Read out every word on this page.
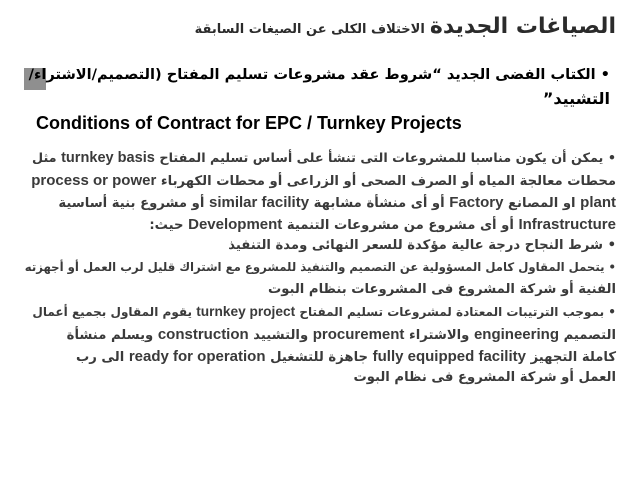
الصياغات الجديدة الاختلاف الكلى عن الصيغات السابقة
• الكتاب الفضى الجديد “شروط عقد مشروعات تسليم المفتاح (التصميم/الاشتراء/
التشييد”
Conditions of Contract for EPC / Turnkey Projects
• يمكن أن يكون مناسبا للمشروعات التى تنشأ على أساس تسليم المفتاح turnkey basis مثل
محطات معالجة المياه أو الصرف الصحى أو الزراعى أو محطات الكهرباء process or power
plant او المصانع Factory أو أى منشأة مشابهة similar facility أو مشروع بنية أساسية
Infrastructure أو أى مشروع من مشروعات التنمية Development حيث:
• شرط النجاح درجة عالية مؤكدة للسعر النهائى ومدة التنفيذ
• يتحمل المقاول كامل المسؤولية عن التصميم والتنفيذ للمشروع مع اشتراك قليل لرب العمل أو أجهزته
الفنية أو شركة المشروع فى المشروعات بنظام البوت
• بموجب الترتيبات المعتادة لمشروعات تسليم المفتاح turnkey project يقوم المقاول بجميع أعمال
التصميم engineering والاشتراء procurement والتشييد construction ويسلم منشأة
كاملة التجهيز fully equipped facility جاهزة للتشغيل ready for operation الى رب
العمل أو شركة المشروع فى نظام البوت
